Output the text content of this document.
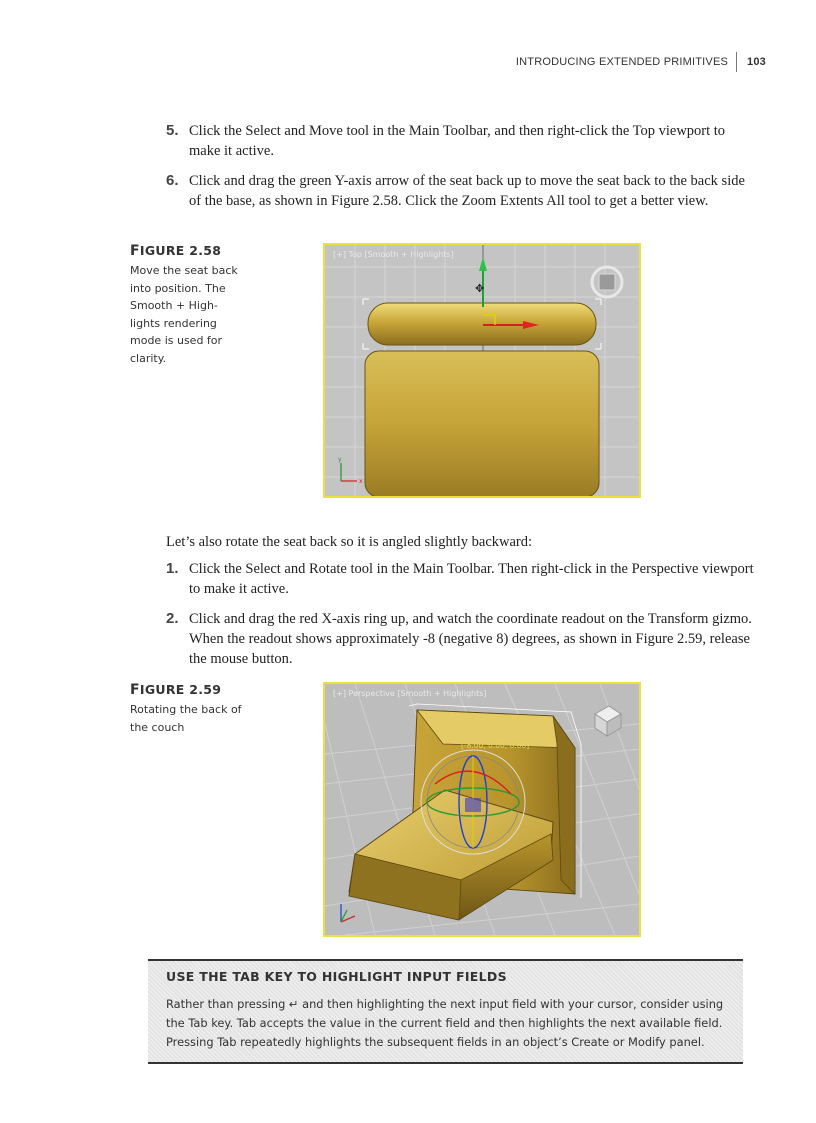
INTRODUCING EXTENDED PRIMITIVES	103
5. Click the Select and Move tool in the Main Toolbar, and then right-click the Top viewport to make it active.
6. Click and drag the green Y-axis arrow of the seat back up to move the seat back to the back side of the base, as shown in Figure 2.58. Click the Zoom Extents All tool to get a better view.
FIGURE 2.58
Move the seat back into position. The Smooth + High-lights rendering mode is used for clarity.
[+] Top [Smooth + Highlights]
✥
y
x
Let’s also rotate the seat back so it is angled slightly backward:
1. Click the Select and Rotate tool in the Main Toolbar. Then right-click in the Perspective viewport to make it active.
2. Click and drag the red X-axis ring up, and watch the coordinate readout on the Transform gizmo. When the readout shows approximately -8 (negative 8) degrees, as shown in Figure 2.59, release the mouse button.
FIGURE 2.59
Rotating the back of the couch
[+] Perspective [Smooth + Highlights]
[-8.00, 0.00, 0.00]
USE THE TAB KEY TO HIGHLIGHT INPUT FIELDS
Rather than pressing ↵ and then highlighting the next input field with your cursor, consider using the Tab key. Tab accepts the value in the current field and then highlights the next available field. Pressing Tab repeatedly highlights the subsequent fields in an object’s Create or Modify panel.
